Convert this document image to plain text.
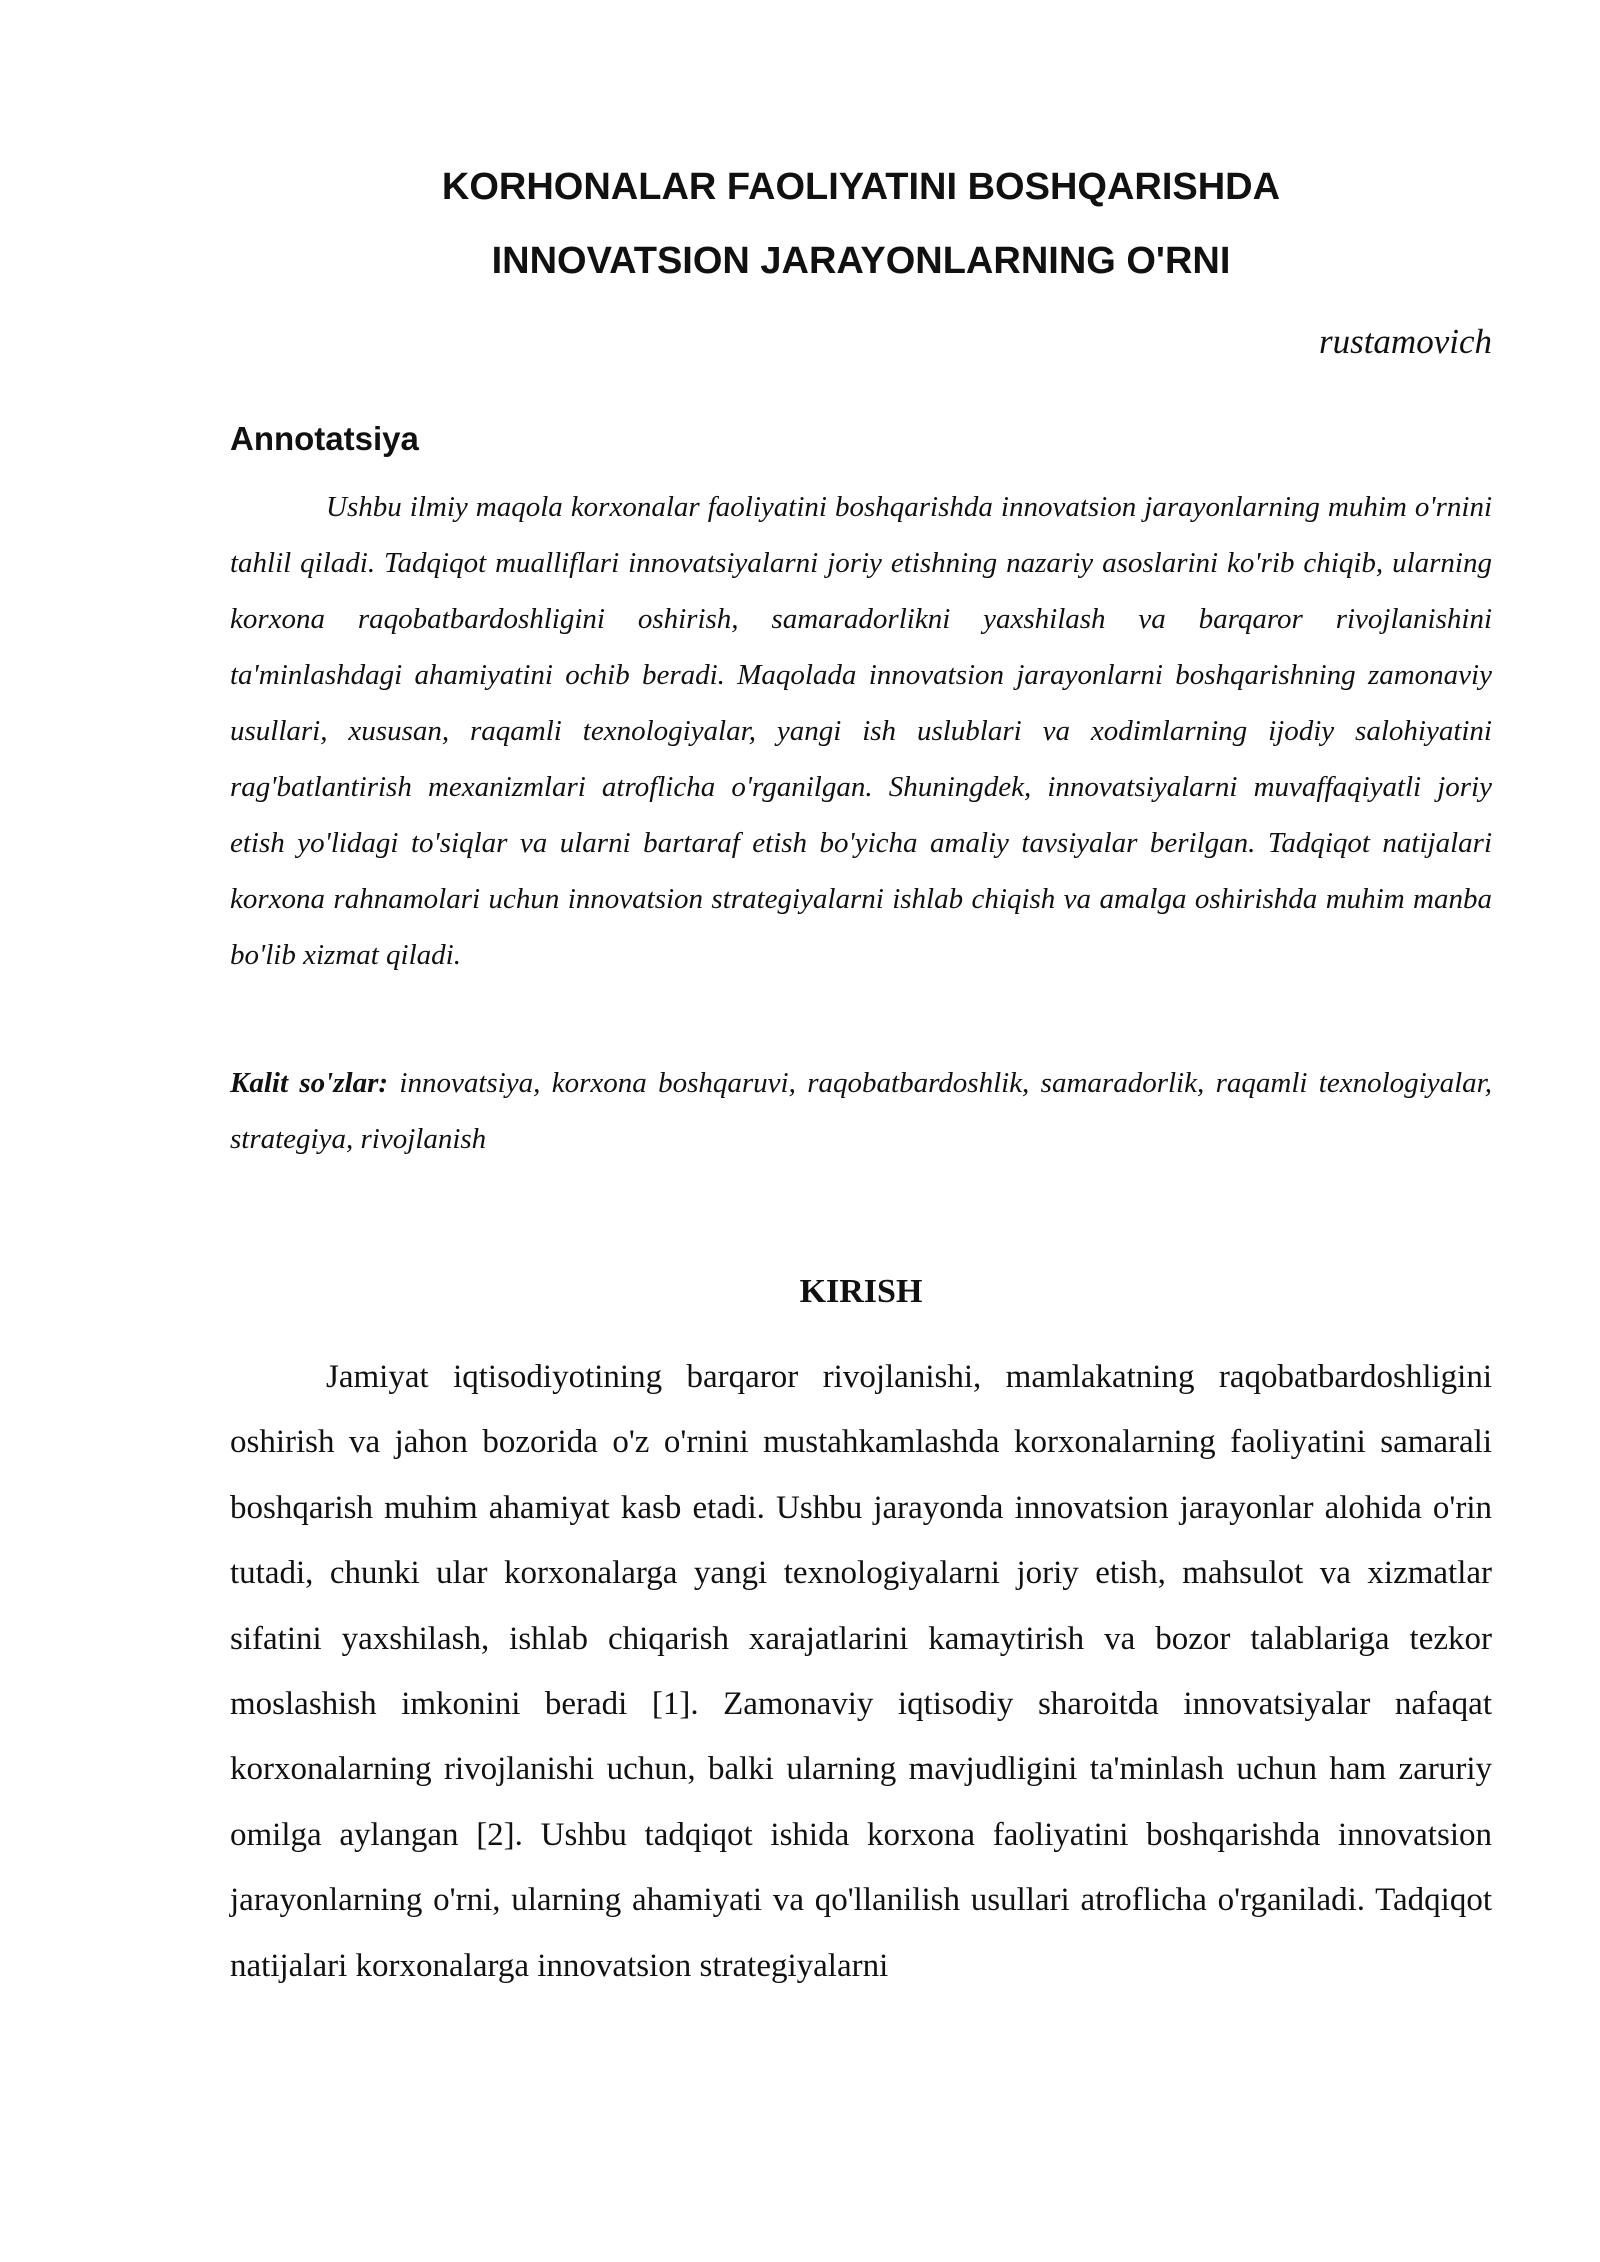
KORHONALAR FAOLIYATINI BOSHQARISHDA
INNOVATSION JARAYONLARNING O'RNI
rustamovich
Annotatsiya

Ushbu ilmiy maqola korxonalar faoliyatini boshqarishda innovatsion jarayonlarning muhim o'rnini tahlil qiladi. Tadqiqot mualliflari innovatsiyalarni joriy etishning nazariy asoslarini ko'rib chiqib, ularning korxona raqobatbardoshligini oshirish, samaradorlikni yaxshilash va barqaror rivojlanishini ta'minlashdagi ahamiyatini ochib beradi. Maqolada innovatsion jarayonlarni boshqarishning zamonaviy usullari, xususan, raqamli texnologiyalar, yangi ish uslublari va xodimlarning ijodiy salohiyatini rag'batlantirish mexanizmlari atroflicha o'rganilgan. Shuningdek, innovatsiyalarni muvaffaqiyatli joriy etish yo'lidagi to'siqlar va ularni bartaraf etish bo'yicha amaliy tavsiyalar berilgan. Tadqiqot natijalari korxona rahnamolari uchun innovatsion strategiyalarni ishlab chiqish va amalga oshirishda muhim manba bo'lib xizmat qiladi.

Kalit so'zlar: innovatsiya, korxona boshqaruvi, raqobatbardoshlik, samaradorlik, raqamli texnologiyalar, strategiya, rivojlanish

KIRISH

Jamiyat iqtisodiyotining barqaror rivojlanishi, mamlakatning raqobatbardoshligini oshirish va jahon bozorida o'z o'rnini mustahkamlashda korxonalarning faoliyatini samarali boshqarish muhim ahamiyat kasb etadi. Ushbu jarayonda innovatsion jarayonlar alohida o'rin tutadi, chunki ular korxonalarga yangi texnologiyalarni joriy etish, mahsulot va xizmatlar sifatini yaxshilash, ishlab chiqarish xarajatlarini kamaytirish va bozor talablariga tezkor moslashish imkonini beradi [1]. Zamonaviy iqtisodiy sharoitda innovatsiyalar nafaqat korxonalarning rivojlanishi uchun, balki ularning mavjudligini ta'minlash uchun ham zaruriy omilga aylangan [2]. Ushbu tadqiqot ishida korxona faoliyatini boshqarishda innovatsion jarayonlarning o'rni, ularning ahamiyati va qo'llanilish usullari atroflicha o'rganiladi. Tadqiqot natijalari korxonalarga innovatsion strategiyalarni
